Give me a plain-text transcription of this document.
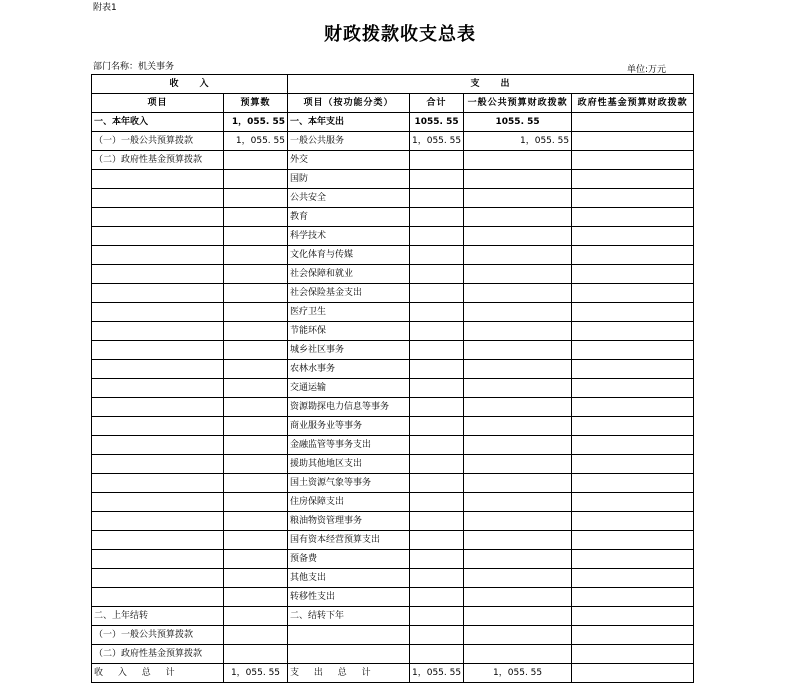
附表1
财政拨款收支总表
部门名称：机关事务	单位:万元
收　　入		支　　出			
项目	预算数	项目（按功能分类）	合计	一般公共预算财政拨款	政府性基金预算财政拨款
一、本年收入	1，055. 55	一、本年支出	1055. 55	1055. 55	
（一）一般公共预算拨款	1，055. 55	一般公共服务	1，055. 55	1，055. 55	
（二）政府性基金预算拨款		外交			
		国防			
		公共安全			
		教育			
		科学技术			
		文化体育与传媒			
		社会保障和就业			
		社会保险基金支出			
		医疗卫生			
		节能环保			
		城乡社区事务			
		农林水事务			
		交通运输			
		资源勘探电力信息等事务			
		商业服务业等事务			
		金融监管等事务支出			
		援助其他地区支出			
		国土资源气象等事务			
		住房保障支出			
		粮油物资管理事务			
		国有资本经营预算支出			
		预备费			
		其他支出			
		转移性支出			
二、上年结转		二、结转下年			
（一）一般公共预算拨款					
（二）政府性基金预算拨款					
收 入 总 计	1，055. 55	支 出 总 计	1，055. 55	1，055. 55	
